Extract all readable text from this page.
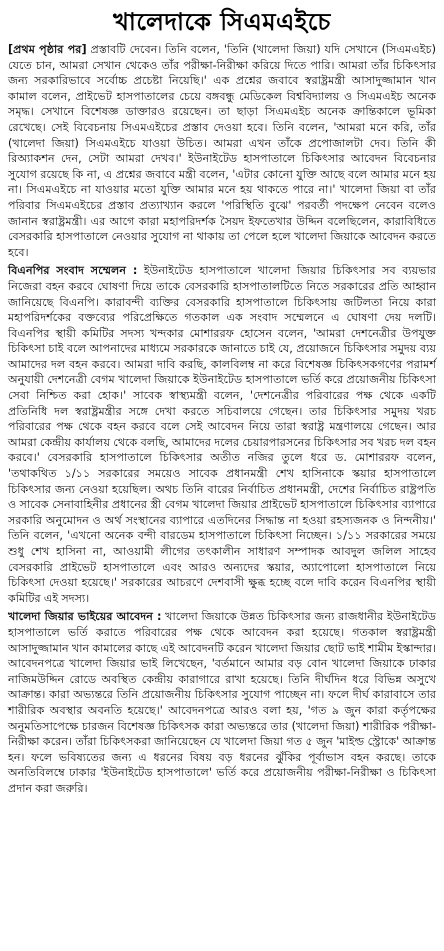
খালেদাকে সিএমএইচে

[প্রথম পৃষ্ঠার পর] প্রস্তাবটি দেবেন। তিনি বলেন, 'তিনি (খালেদা জিয়া) যদি সেখানে (সিএমএইচ) যেতে চান, আমরা সেখান থেকেও তাঁর পরীক্ষা-নিরীক্ষা করিয়ে দিতে পারি। আমরা তাঁর চিকিৎসার জন্য সরকারিভাবে সর্বোচ্চ প্রচেষ্টা নিয়েছি।' এক প্রশ্নের জবাবে স্বরাষ্ট্রমন্ত্রী আসাদুজ্জামান খান কামাল বলেন, প্রাইভেট হাসপাতালের চেয়ে বঙ্গবন্ধু মেডিকেল বিশ্ববিদ্যালয় ও সিএমএইচ অনেক সমৃদ্ধ। সেখানে বিশেষজ্ঞ ডাক্তারও রয়েছেন। তা ছাড়া সিএমএইচ অনেক ক্রান্তিকালে ভূমিকা রেখেছে। সেই বিবেচনায় সিএমএইচের প্রস্তাব দেওয়া হবে। তিনি বলেন, 'আমরা মনে করি, তাঁর (খালেদা জিয়া) সিএমএইচে যাওয়া উচিত। আমরা এখন তাঁকে প্রপোজালটা দেব। তিনি কী রিঅ্যাকশন দেন, সেটা আমরা দেখব।' ইউনাইটেড হাসপাতালে চিকিৎসার আবেদন বিবেচনার সুযোগ রয়েছে কি না, এ প্রশ্নের জবাবে মন্ত্রী বলেন, 'এটার কোনো যুক্তি আছে বলে আমার মনে হয় না। সিএমএইচে না যাওয়ার মতো যুক্তি আমার মনে হয় থাকতে পারে না।' খালেদা জিয়া বা তাঁর পরিবার সিএমএইচের প্রস্তাব প্রত্যাখ্যান করলে 'পরিস্থিতি বুঝে' পরবর্তী পদক্ষেপ নেবেন বলেও জানান স্বরাষ্ট্রমন্ত্রী। এর আগে কারা মহাপরিদর্শক সৈয়দ ইফতেখার উদ্দিন বলেছিলেন, কারাবিধিতে বেসরকারি হাসপাতালে নেওয়ার সুযোগ না থাকায় তা পেলে হলে খালেদা জিয়াকে আবেদন করতে হবে।

বিএনপির সংবাদ সম্মেলন : ইউনাইটেড হাসপাতালে খালেদা জিয়ার চিকিৎসার সব ব্যয়ভার নিজেরা বহন করবে ঘোষণা দিয়ে তাকে বেসরকারি হাসপাতালটিতে নিতে সরকারের প্রতি আহ্বান জানিয়েছে বিএনপি। কারাবন্দী ব্যক্তির বেসরকারি হাসপাতালে চিকিৎসায় জটিলতা নিয়ে কারা মহাপরিদর্শকের বক্তব্যের পরিপ্রেক্ষিতে গতকাল এক সংবাদ সম্মেলনে এ ঘোষণা দেয় দলটি। বিএনপির স্থায়ী কমিটির সদস্য খন্দকার মোশাররফ হোসেন বলেন, 'আমরা দেশনেত্রীর উপযুক্ত চিকিৎসা চাই বলে আপনাদের মাধ্যমে সরকারকে জানাতে চাই যে, প্রয়োজনে চিকিৎসার সমুদয় ব্যয় আমাদের দল বহন করবে। আমরা দাবি করছি, কালবিলম্ব না করে বিশেষজ্ঞ চিকিৎসকগণের পরামর্শ অনুযায়ী দেশনেত্রী বেগম খালেদা জিয়াকে ইউনাইটেড হাসপাতালে ভর্তি করে প্রয়োজনীয় চিকিৎসা সেবা নিশ্চিত করা হোক।' সাবেক স্বাস্থ্যমন্ত্রী বলেন, 'দেশনেত্রীর পরিবারের পক্ষ থেকে একটি প্রতিনিধি দল স্বরাষ্ট্রমন্ত্রীর সঙ্গে দেখা করতে সচিবালয়ে গেছেন। তার চিকিৎসার সমুদয় খরচ পরিবারের পক্ষ থেকে বহন করবে বলে সেই আবেদন নিয়ে তারা স্বরাষ্ট্র মন্ত্রণালয়ে গেছেন। আর আমরা কেন্দ্রীয় কার্যালয় থেকে বলছি, আমাদের দলের চেয়ারপারসনের চিকিৎসার সব খরচ দল বহন করবে।' বেসরকারি হাসপাতালে চিকিৎসার অতীত নজির তুলে ধরে ড. মোশাররফ বলেন, 'তথাকথিত ১/১১ সরকারের সময়েও সাবেক প্রধানমন্ত্রী শেখ হাসিনাকে স্কয়ার হাসপাতালে চিকিৎসার জন্য নেওয়া হয়েছিল। অথচ তিনি বারের নির্বাচিত প্রধানমন্ত্রী, দেশের নির্বাচিত রাষ্ট্রপতি ও সাবেক সেনাবাহিনীর প্রধানের স্ত্রী বেগম খালেদা জিয়ার প্রাইভেট হাসপাতালে চিকিৎসার ব্যাপারে সরকারি অনুমোদন ও অর্থ সংস্থানের ব্যাপারে এতদিনের সিদ্ধান্ত না হওয়া রহস্যজনক ও নিন্দনীয়।' তিনি বলেন, 'এখনো অনেক বন্দী বারডেম হাসপাতালে চিকিৎসা নিচ্ছেন। ১/১১ সরকারের সময়ে শুধু শেখ হাসিনা না, আওয়ামী লীগের তৎকালীন সাধারণ সম্পাদক আবদুল জলিল সাহেব বেসরকারি প্রাইভেট হাসপাতালে এবং আরও অন্যদের স্কয়ার, অ্যাপোলো হাসপাতালে নিয়ে চিকিৎসা দেওয়া হয়েছে।' সরকারের আচরণে দেশবাসী ক্ষুব্ধ হচ্ছে বলে দাবি করেন বিএনপির স্থায়ী কমিটির এই সদস্য।

খালেদা জিয়ার ভাইয়ের আবেদন : খালেদা জিয়াকে উন্নত চিকিৎসার জন্য রাজধানীর ইউনাইটেড হাসপাতালে ভর্তি করাতে পরিবারের পক্ষ থেকে আবেদন করা হয়েছে। গতকাল স্বরাষ্ট্রমন্ত্রী আসাদুজ্জামান খান কামালের কাছে এই আবেদনটি করেন খালেদা জিয়ার ছোট ভাই শামীম ইস্কান্দার। আবেদনপত্রে খালেদা জিয়ার ভাই লিখেছেন, 'বর্তমানে আমার বড় বোন খালেদা জিয়াকে ঢাকার নাজিমউদ্দিন রোডে অবস্থিত কেন্দ্রীয় কারাগারে রাখা হয়েছে। তিনি দীর্ঘদিন ধরে বিভিন্ন অসুখে আক্রান্ত। কারা অভ্যন্তরে তিনি প্রয়োজনীয় চিকিৎসার সুযোগ পাচ্ছেন না। ফলে দীর্ঘ কারাবাসে তার শারীরিক অবস্থার অবনতি হয়েছে।' আবেদনপত্রে আরও বলা হয়, 'গত ৯ জুন কারা কর্তৃপক্ষের অনুমতিসাপেক্ষে চারজন বিশেষজ্ঞ চিকিৎসক কারা অভ্যন্তরে তার (খালেদা জিয়া) শারীরিক পরীক্ষা-নিরীক্ষা করেন। তাঁরা চিকিৎসকরা জানিয়েছেন যে খালেদা জিয়া গত ৫ জুন 'মাইল্ড স্ট্রোকে' আক্রান্ত হন। ফলে ভবিষ্যতের জন্য এ ধরনের বিষয় বড় ধরনের ঝুঁকির পূর্বাভাস বহন করছে। তাকে অনতিবিলম্বে ঢাকার 'ইউনাইটেড হাসপাতালে' ভর্তি করে প্রয়োজনীয় পরীক্ষা-নিরীক্ষা ও চিকিৎসা প্রদান করা জরুরি।
